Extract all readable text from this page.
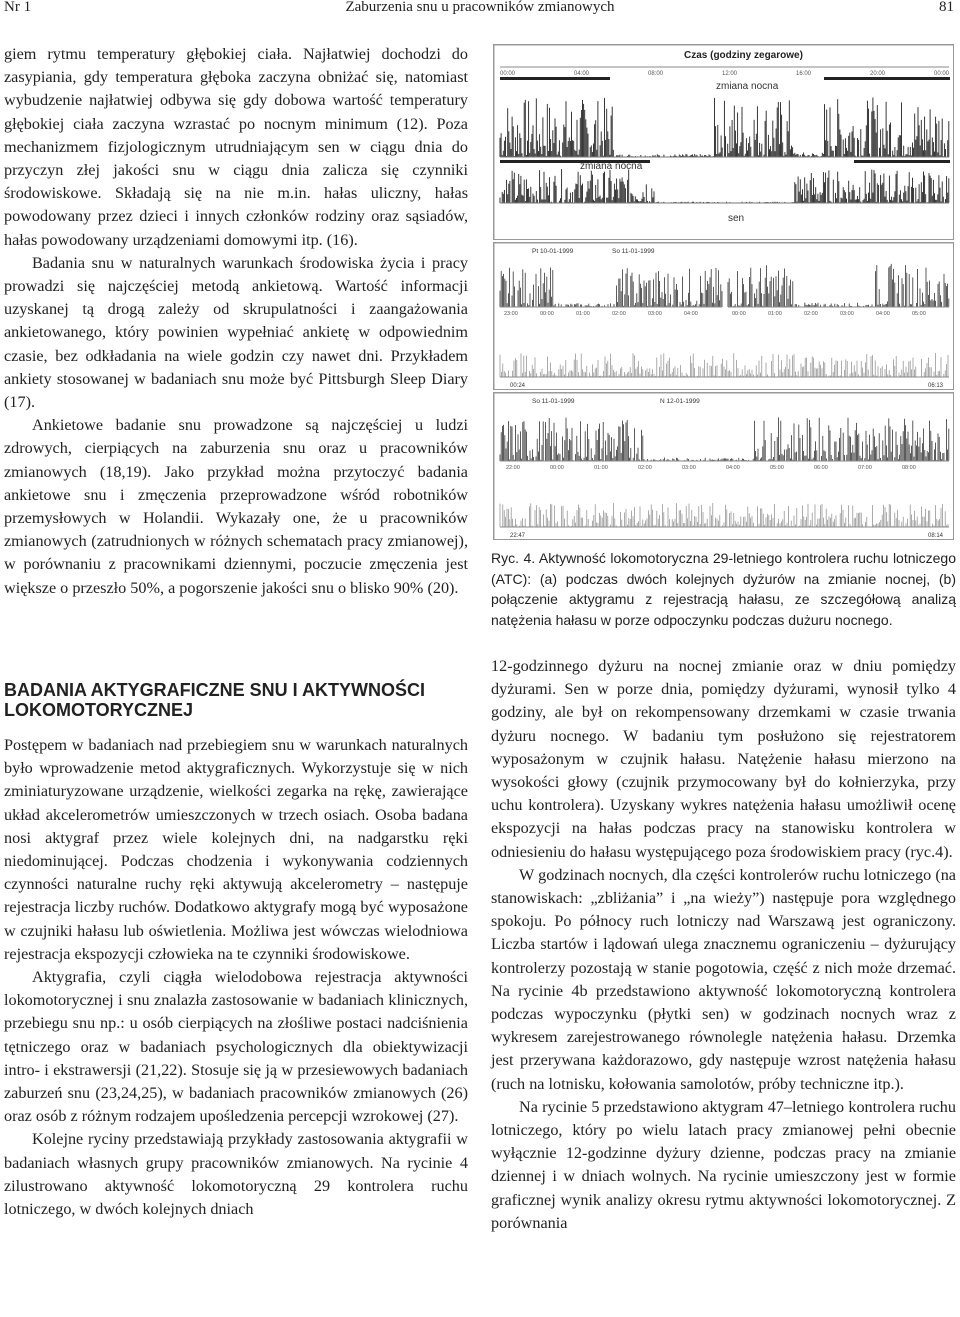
Nr 1	Zaburzenia snu u pracowników zmianowych	81

giem rytmu temperatury głębokiej ciała. Najłatwiej dochodzi do zasypiania, gdy temperatura głęboka zaczyna obniżać się, natomiast wybudzenie najłatwiej odbywa się gdy dobowa wartość temperatury głębokiej ciała zaczyna wzrastać po nocnym minimum (12). Poza mechanizmem fizjologicznym utrudniającym sen w ciągu dnia do przyczyn złej jakości snu w ciągu dnia zalicza się czynniki środowiskowe. Składają się na nie m.in. hałas uliczny, hałas powodowany przez dzieci i innych członków rodziny oraz sąsiadów, hałas powodowany urządzeniami domowymi itp. (16).

Badania snu w naturalnych warunkach środowiska życia i pracy prowadzi się najczęściej metodą ankietową. Wartość informacji uzyskanej tą drogą zależy od skrupulatności i zaangażowania ankietowanego, który powinien wypełniać ankietę w odpowiednim czasie, bez odkładania na wiele godzin czy nawet dni. Przykładem ankiety stosowanej w badaniach snu może być Pittsburgh Sleep Diary (17).

Ankietowe badanie snu prowadzone są najczęściej u ludzi zdrowych, cierpiących na zaburzenia snu oraz u pracowników zmianowych (18,19). Jako przykład można przytoczyć badania ankietowe snu i zmęczenia przeprowadzone wśród robotników przemysłowych w Holandii. Wykazały one, że u pracowników zmianowych (zatrudnionych w różnych schematach pracy zmianowej), w porównaniu z pracownikami dziennymi, poczucie zmęczenia jest większe o przeszło 50%, a pogorszenie jakości snu o blisko 90% (20).

BADANIA AKTYGRAFICZNE SNU I AKTYWNOŚCI LOKOMOTORYCZNEJ

Postępem w badaniach nad przebiegiem snu w warunkach naturalnych było wprowadzenie metod aktygraficznych. Wykorzystuje się w nich zminiaturyzowane urządzenie, wielkości zegarka na rękę, zawierające układ akcelerometrów umieszczonych w trzech osiach. Osoba badana nosi aktygraf przez wiele kolejnych dni, na nadgarstku ręki niedominującej. Podczas chodzenia i wykonywania codziennych czynności naturalne ruchy ręki aktywują akcelerometry – następuje rejestracja liczby ruchów. Dodatkowo aktygrafy mogą być wyposażone w czujniki hałasu lub oświetlenia. Możliwa jest wówczas wielodniowa rejestracja ekspozycji człowieka na te czynniki środowiskowe.

Aktygrafia, czyli ciągła wielodobowa rejestracja aktywności lokomotorycznej i snu znalazła zastosowanie w badaniach klinicznych, przebiegu snu np.: u osób cierpiących na złośliwe postaci nadciśnienia tętniczego oraz w badaniach psychologicznych dla obiektywizacji intro- i ekstrawersji (21,22). Stosuje się ją w przesiewowych badaniach zaburzeń snu (23,24,25), w badaniach pracowników zmianowych (26) oraz osób z różnym rodzajem upośledzenia percepcji wzrokowej (27).

Kolejne ryciny przedstawiają przykłady zastosowania aktygrafii w badaniach własnych grupy pracowników zmianowych. Na rycinie 4 zilustrowano aktywność lokomotoryczną 29 kontrolera ruchu lotniczego, w dwóch kolejnych dniach

Czas (godziny zegarowe)
00:00	04:00	08:00	12:00	16:00	20:00	00:00
zmiana nocna
zmiana nocna
sen
Pt 10-01-1999	So 11-01-1999
23:00	00:00	01:00	02:00	03:00	04:00	00:00	01:00	02:00	03:00	04:00	05:00
00:24	06:13
So 11-01-1999	N 12-01-1999
22:00	00:00	01:00	02:00	03:00	04:00	05:00	06:00	07:00	08:00
22:47	08:14
Ryc. 4. Aktywność lokomotoryczna 29-letniego kontrolera ruchu lotniczego (ATC): (a) podczas dwóch kolejnych dyżurów na zmianie nocnej, (b) połączenie aktygramu z rejestracją hałasu, ze szczegółową analizą natężenia hałasu w porze odpoczynku podczas dużuru nocnego.

12-godzinnego dyżuru na nocnej zmianie oraz w dniu pomiędzy dyżurami. Sen w porze dnia, pomiędzy dyżurami, wynosił tylko 4 godziny, ale był on rekompensowany drzemkami w czasie trwania dyżuru nocnego. W badaniu tym posłużono się rejestratorem wyposażonym w czujnik hałasu. Natężenie hałasu mierzono na wysokości głowy (czujnik przymocowany był do kołnierzyka, przy uchu kontrolera). Uzyskany wykres natężenia hałasu umożliwił ocenę ekspozycji na hałas podczas pracy na stanowisku kontrolera w odniesieniu do hałasu występującego poza środowiskiem pracy (ryc.4).

W godzinach nocnych, dla części kontrolerów ruchu lotniczego (na stanowiskach: „zbliżania” i „na wieży”) następuje pora względnego spokoju. Po północy ruch lotniczy nad Warszawą jest ograniczony. Liczba startów i lądowań ulega znacznemu ograniczeniu – dyżurujący kontrolerzy pozostają w stanie pogotowia, część z nich może drzemać. Na rycinie 4b przedstawiono aktywność lokomotoryczną kontrolera podczas wypoczynku (płytki sen) w godzinach nocnych wraz z wykresem zarejestrowanego równolegle natężenia hałasu. Drzemka jest przerywana każdorazowo, gdy następuje wzrost natężenia hałasu (ruch na lotnisku, kołowania samolotów, próby techniczne itp.).

Na rycinie 5 przedstawiono aktygram 47–letniego kontrolera ruchu lotniczego, który po wielu latach pracy zmianowej pełni obecnie wyłącznie 12-godzinne dyżury dzienne, podczas pracy na zmianie dziennej i w dniach wolnych. Na rycinie umieszczony jest w formie graficznej wynik analizy okresu rytmu aktywności lokomotorycznej. Z porównania
